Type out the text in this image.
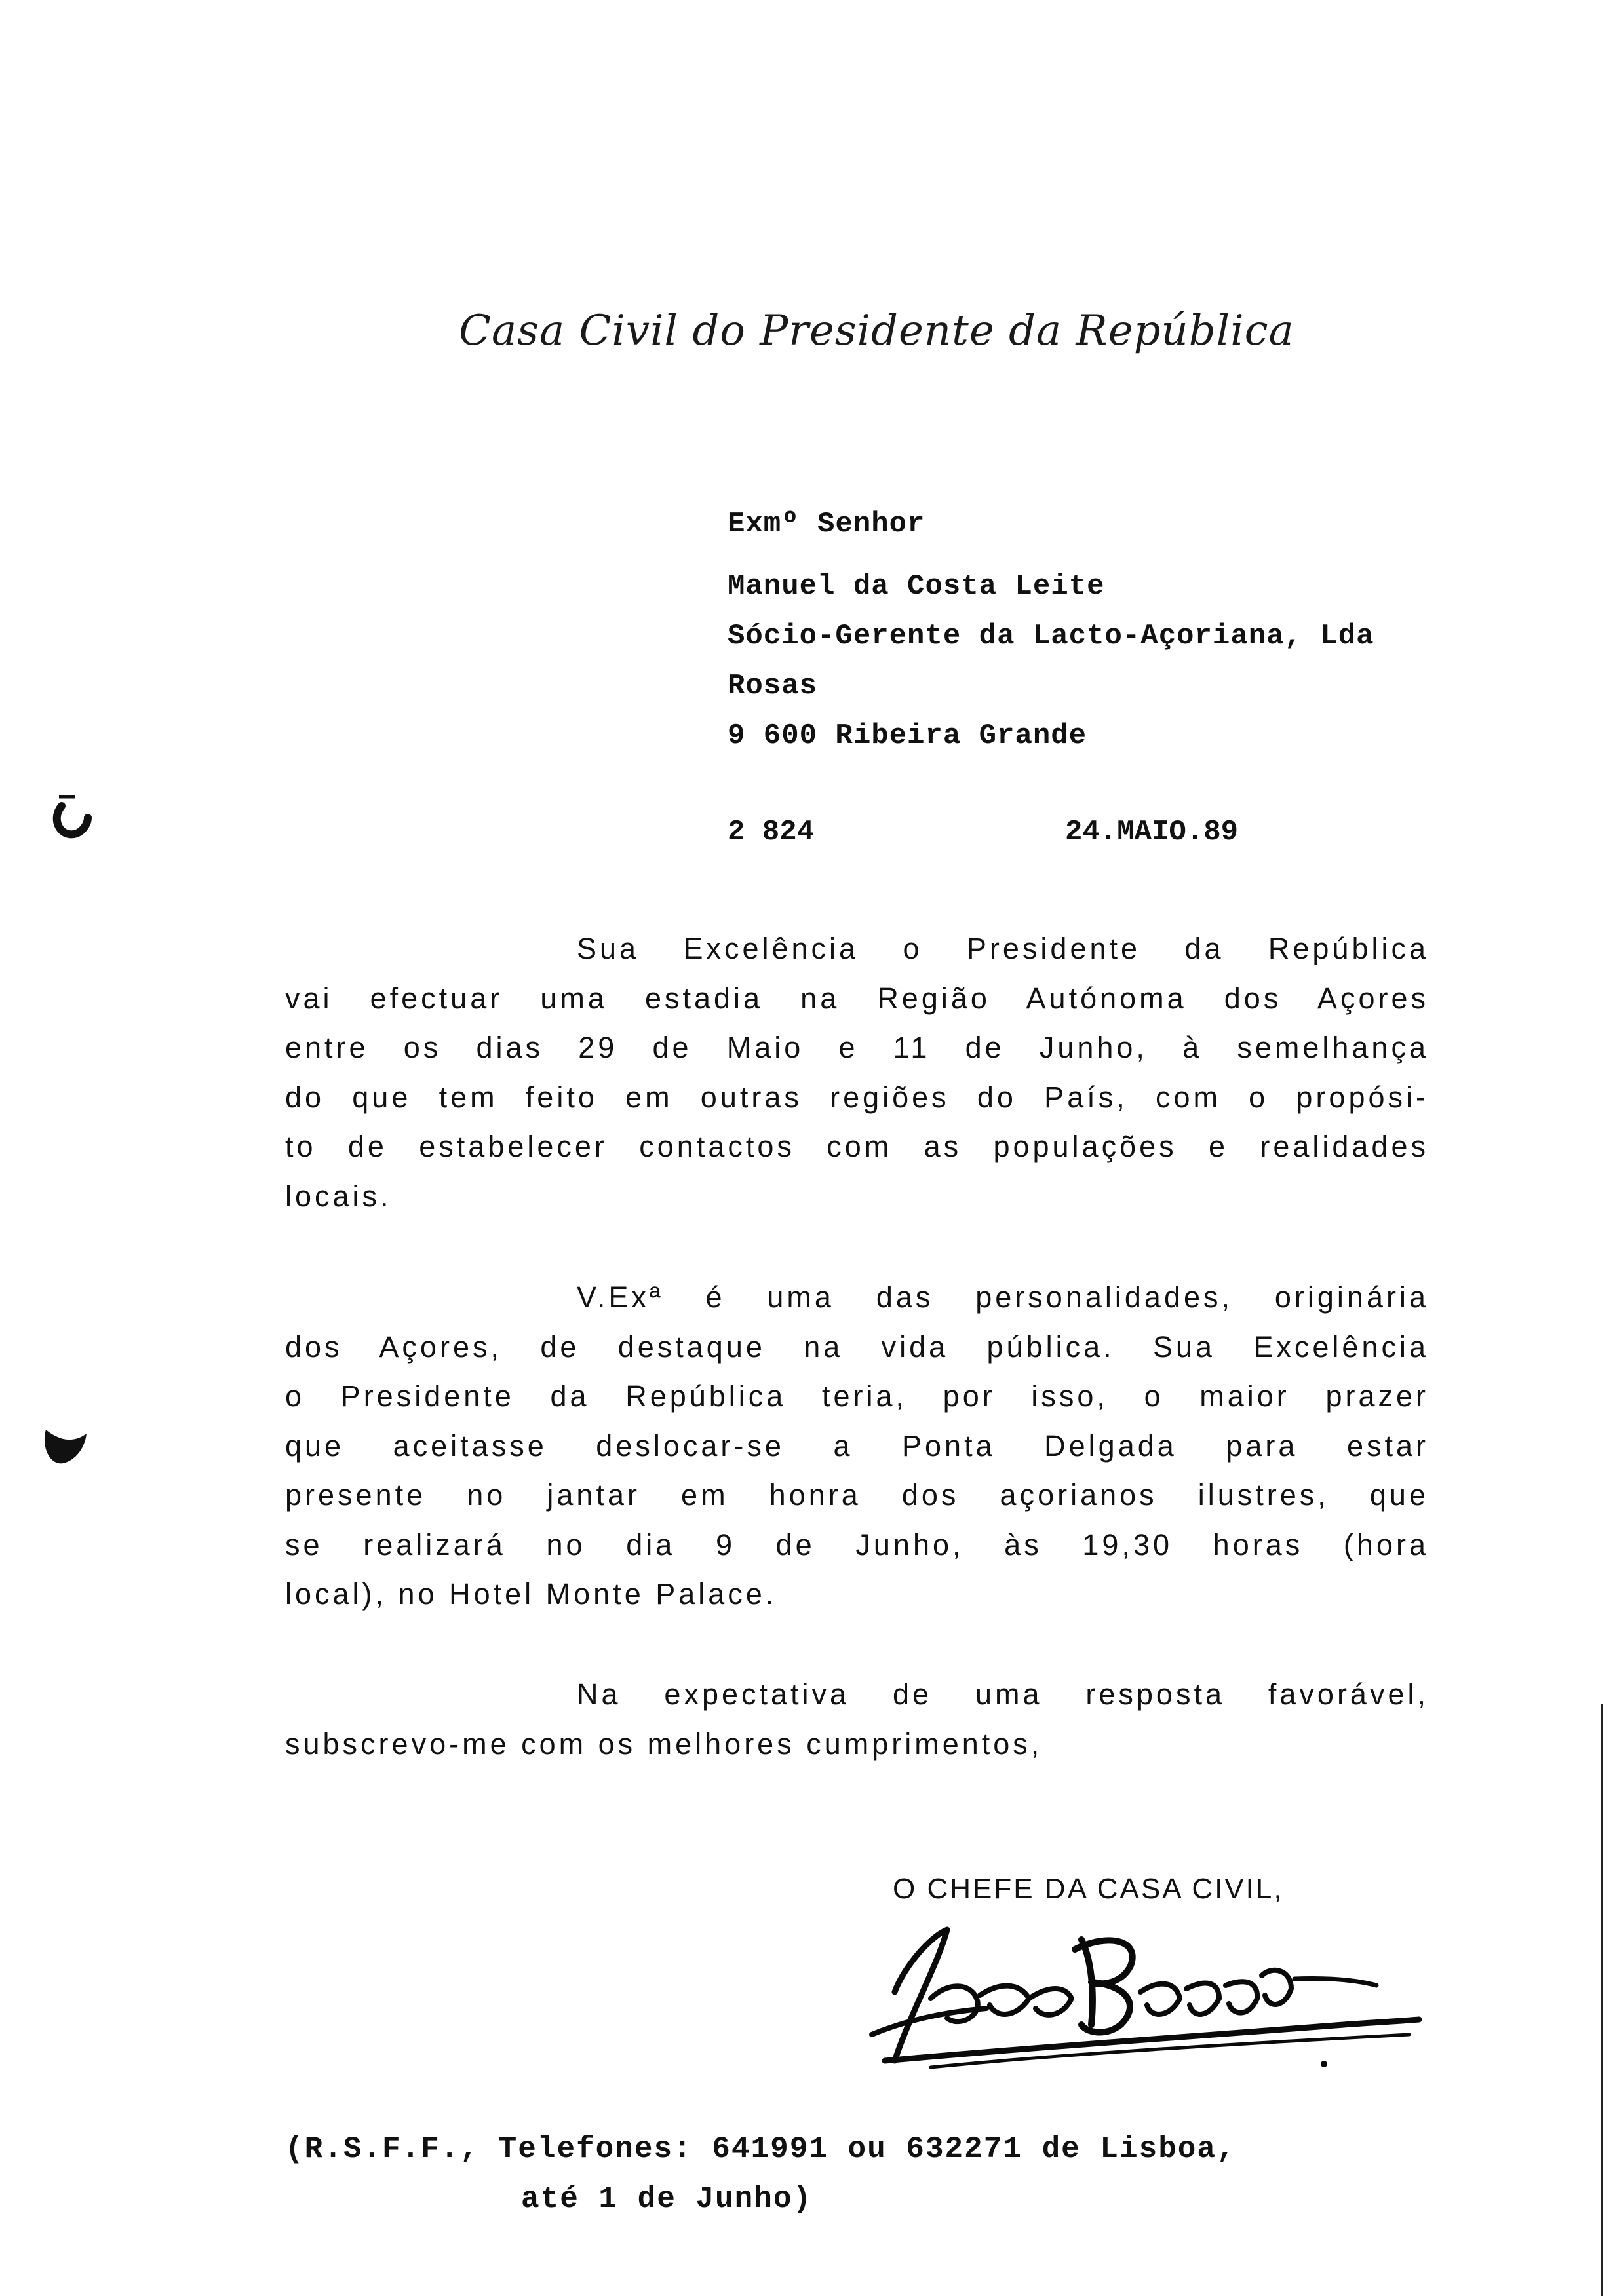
Casa Civil do Presidente da República
Exmº Senhor
Manuel da Costa Leite
Sócio-Gerente da Lacto-Açoriana, Lda
Rosas
9 600 Ribeira Grande
2 824	24.MAIO.89
Sua Excelência o Presidente da República
vai efectuar uma estadia na Região Autónoma dos Açores
entre os dias 29 de Maio e 11 de Junho, à semelhança
do que tem feito em outras regiões do País, com o propósi-
to de estabelecer contactos com as populações e realidades
locais.
V.Exª é uma das personalidades, originária
dos Açores, de destaque na vida pública. Sua Excelência
o Presidente da República teria, por isso, o maior prazer
que aceitasse deslocar-se a Ponta Delgada para estar
presente no jantar em honra dos açorianos ilustres, que
se realizará no dia 9 de Junho, às 19,30 horas (hora
local), no Hotel Monte Palace.
Na expectativa de uma resposta favorável,
subscrevo-me com os melhores cumprimentos,
O CHEFE DA CASA CIVIL,
(R.S.F.F., Telefones: 641991 ou 632271 de Lisboa,
até 1 de Junho)
